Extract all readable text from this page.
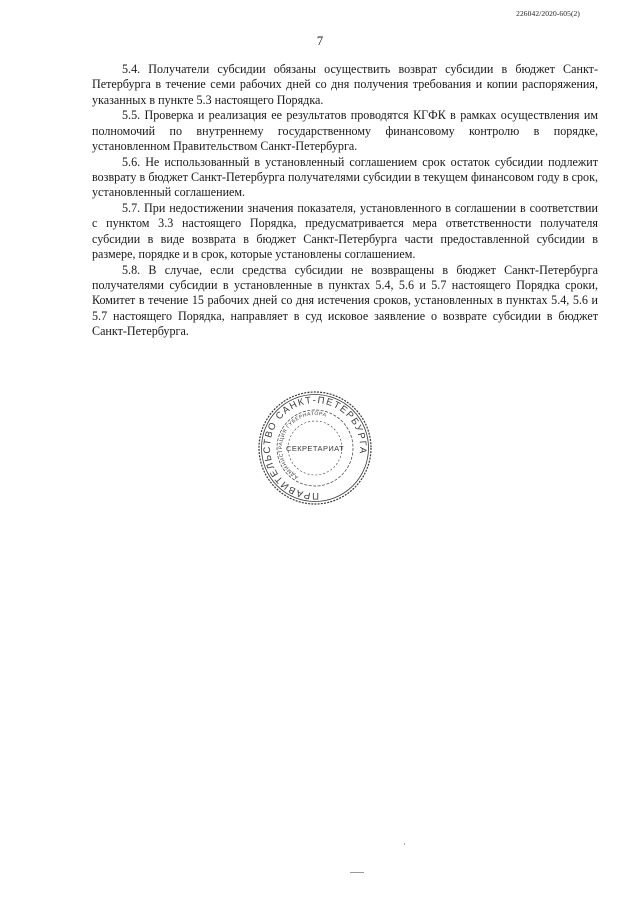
226042/2020-605(2)
7

5.4. Получатели субсидии обязаны осуществить возврат субсидии в бюджет Санкт-Петербурга в течение семи рабочих дней со дня получения требования и копии распоряжения, указанных в пункте 5.3 настоящего Порядка.

5.5. Проверка и реализация ее результатов проводятся КГФК в рамках осуществления им полномочий по внутреннему государственному финансовому контролю в порядке, установленном Правительством Санкт-Петербурга.

5.6. Не использованный в установленный соглашением срок остаток субсидии подлежит возврату в бюджет Санкт-Петербурга получателями субсидии в текущем финансовом году в срок, установленный соглашением.

5.7. При недостижении значения показателя, установленного в соглашении в соответствии с пунктом 3.3 настоящего Порядка, предусматривается мера ответственности получателя субсидии в виде возврата в бюджет Санкт-Петербурга части предоставленной субсидии в размере, порядке и в срок, которые установлены соглашением.

5.8. В случае, если средства субсидии не возвращены в бюджет Санкт-Петербурга получателями субсидии в установленные в пунктах 5.4, 5.6 и 5.7 настоящего Порядка сроки, Комитет в течение 15 рабочих дней со дня истечения сроков, установленных в пунктах 5.4, 5.6 и 5.7 настоящего Порядка, направляет в суд исковое заявление о возврате субсидии в бюджет Санкт-Петербурга.

ПРАВИТЕЛЬСТВО САНКТ-ПЕТЕРБУРГА
АДМИНИСТРАЦИЯ ГУБЕРНАТОРА
СЕКРЕТАРИАТ
